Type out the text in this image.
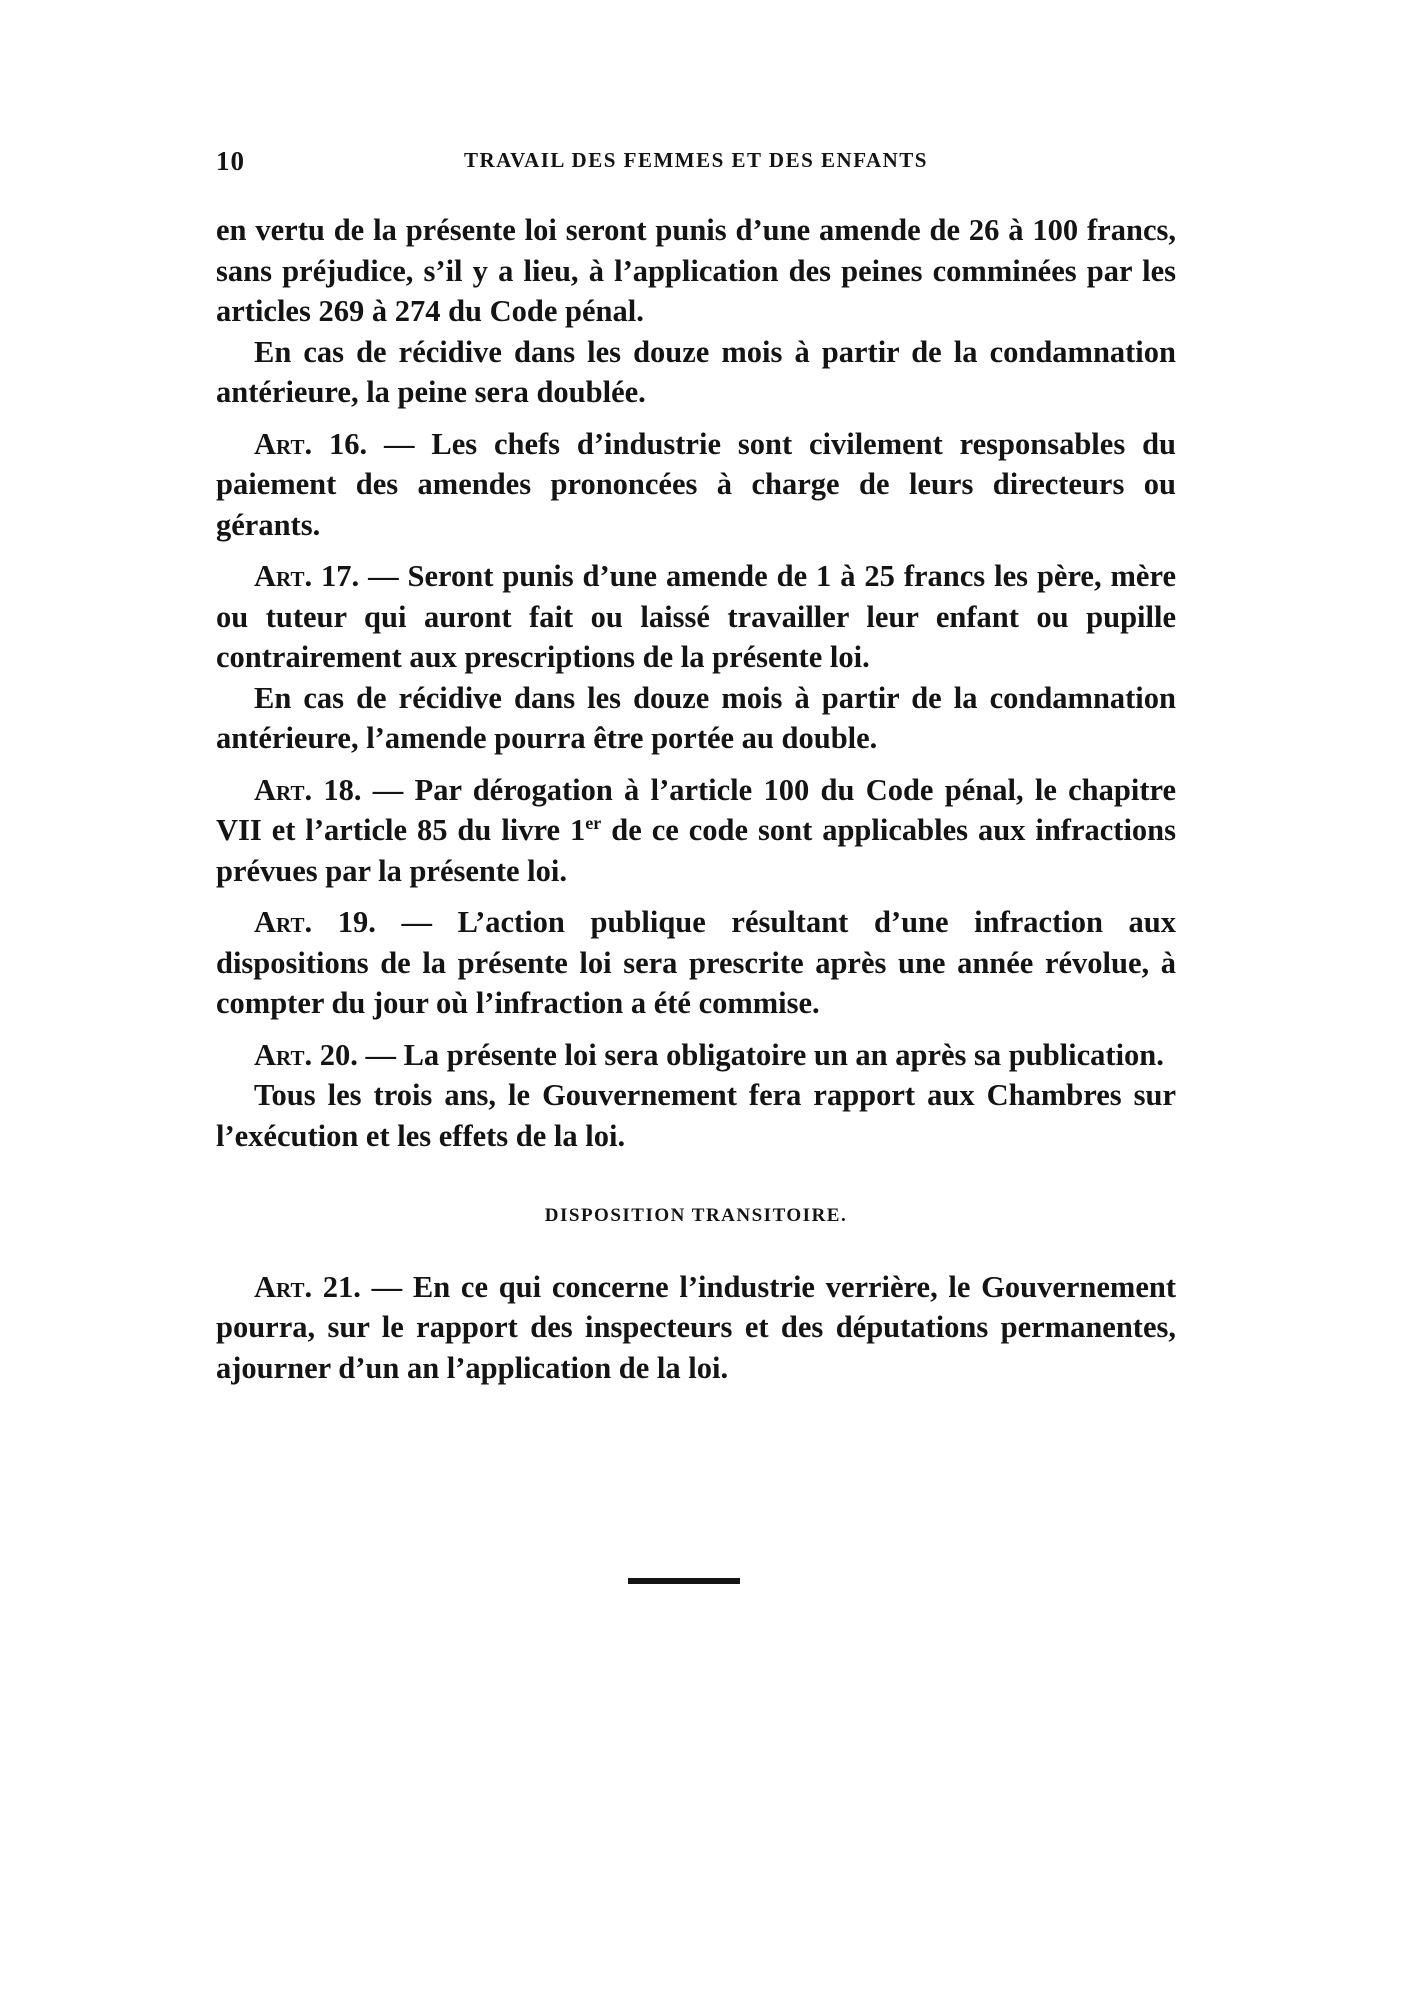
10	TRAVAIL DES FEMMES ET DES ENFANTS

en vertu de la présente loi seront punis d’une amende de 26 à 100 francs, sans préjudice, s’il y a lieu, à l’application des peines comminées par les articles 269 à 274 du Code pénal.

En cas de récidive dans les douze mois à partir de la condamnation antérieure, la peine sera doublée.

Art. 16. — Les chefs d’industrie sont civilement responsables du paiement des amendes prononcées à charge de leurs directeurs ou gérants.

Art. 17. — Seront punis d’une amende de 1 à 25 francs les père, mère ou tuteur qui auront fait ou laissé travailler leur enfant ou pupille contrairement aux prescriptions de la présente loi.

En cas de récidive dans les douze mois à partir de la condamnation antérieure, l’amende pourra être portée au double.

Art. 18. — Par dérogation à l’article 100 du Code pénal, le chapitre VII et l’article 85 du livre 1er de ce code sont applicables aux infractions prévues par la présente loi.

Art. 19. — L’action publique résultant d’une infraction aux dispositions de la présente loi sera prescrite après une année révolue, à compter du jour où l’infraction a été commise.

Art. 20. — La présente loi sera obligatoire un an après sa publication.

Tous les trois ans, le Gouvernement fera rapport aux Chambres sur l’exécution et les effets de la loi.

DISPOSITION TRANSITOIRE.

Art. 21. — En ce qui concerne l’industrie verrière, le Gouvernement pourra, sur le rapport des inspecteurs et des députations permanentes, ajourner d’un an l’application de la loi.
